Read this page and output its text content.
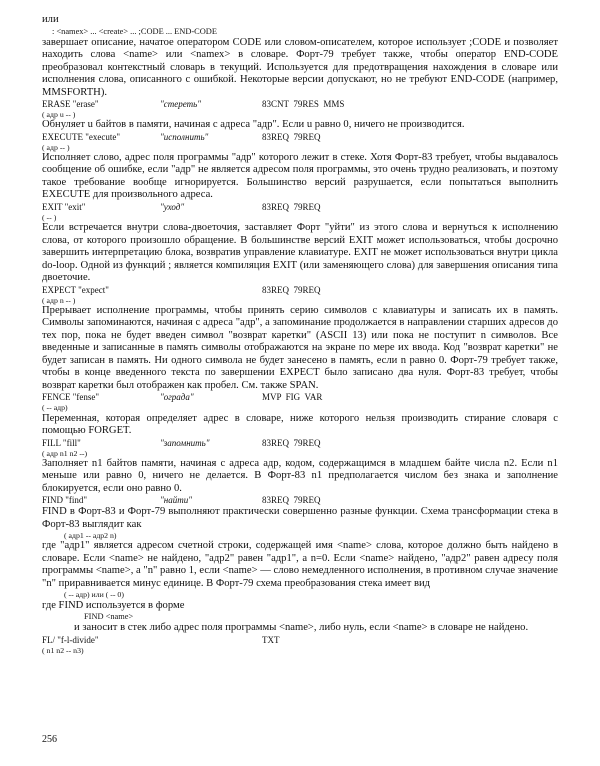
или
: <namex> ... <create> ... ;CODE ... END-CODE
завершает описание, начатое оператором CODE или словом-описателем, которое использует ;CODE и позволяет находить слова <name> или <namex> в словаре. Форт-79 требует также, чтобы оператор END-CODE преобразовал контекстный словарь в текущий. Используется для предотвращения нахождения в словаре или исполнения слова, описанного с ошибкой. Некоторые версии допускают, но не требуют END-CODE (например, MMSFORTH).
ERASE "erase"	"стереть"	83CNT  79RES  MMS
( адр u -- )
Обнуляет u байтов в памяти, начиная с адреса "адр". Если u равно 0, ничего не производится.
EXECUTE "execute"	"исполнить"	83REQ  79REQ
( адр -- )
Исполняет слово, адрес поля программы "адр" которого лежит в стеке. Хотя Форт-83 требует, чтобы выдавалось сообщение об ошибке, если "адр" не является адресом поля программы, это очень трудно реализовать, и поэтому такое требование вообще игнорируется. Большинство версий разрушается, если попытаться выполнить EXECUTE для произвольного адреса.
EXIT "exit"	"уход"	83REQ  79REQ
( -- )
Если встречается внутри слова-двоеточия, заставляет Форт "уйти" из этого слова и вернуться к исполнению слова, от которого произошло обращение. В большинстве версий EXIT может использоваться, чтобы досрочно завершить интерпретацию блока, возвратив управление клавиатуре. EXIT не может использоваться внутри цикла do-loop. Одной из функций ; является компиляция EXIT (или заменяющего слова) для завершения описания типа двоеточие.
EXPECT "expect"	83REQ  79REQ
( адр n -- )
Прерывает исполнение программы, чтобы принять серию символов с клавиатуры и записать их в память. Символы запоминаются, начиная с адреса "адр", а запоминание продолжается в направлении старших адресов до тех пор, пока не будет введен символ "возврат каретки" (ASCII 13) или пока не поступит n символов. Все введенные и записанные в память символы отображаются на экране по мере их ввода. Код "возврат каретки" не будет записан в память. Ни одного символа не будет занесено в память, если n равно 0. Форт-79 требует также, чтобы в конце введенного текста по завершении EXPECT было записано два нуля. Форт-83 требует, чтобы возврат каретки был отображен как пробел. См. также SPAN.
FENCE "fense"	"ограда"	MVP  FIG  VAR
( -- адр)
Переменная, которая определяет адрес в словаре, ниже которого нельзя производить стирание словаря с помощью FORGET.
FILL "fill"	"запомнить"	83REQ  79REQ
( адр n1 n2 --)
Заполняет n1 байтов памяти, начиная с адреса адр, кодом, содержащимся в младшем байте числа n2. Если n1 меньше или равно 0, ничего не делается. В Форт-83 n1 предполагается числом без знака и заполнение блокируется, если оно равно 0.
FIND "find"	"найти"	83REQ  79REQ
FIND в Форт-83 и Форт-79 выполняют практически совершенно разные функции. Схема трансформации стека в Форт-83 выглядит как
( адр1 -- адр2 n)
где "адр1" является адресом счетной строки, содержащей имя <name> слова, которое должно быть найдено в словаре. Если <name> не найдено, "адр2" равен "адр1", а n=0. Если <name> найдено, "адр2" равен адресу поля программы <name>, а "n" равно 1, если <name> — слово немедленного исполнения, в противном случае значение "n" приравнивается минус единице. В Форт-79 схема преобразования стека имеет вид
( -- адр) или ( -- 0)
где FIND используется в форме
FIND <name>
и заносит в стек либо адрес поля программы <name>, либо нуль, если <name> в словаре не найдено.
FL/ "f-l-divide"	TXT
( n1 n2 -- n3)
256
